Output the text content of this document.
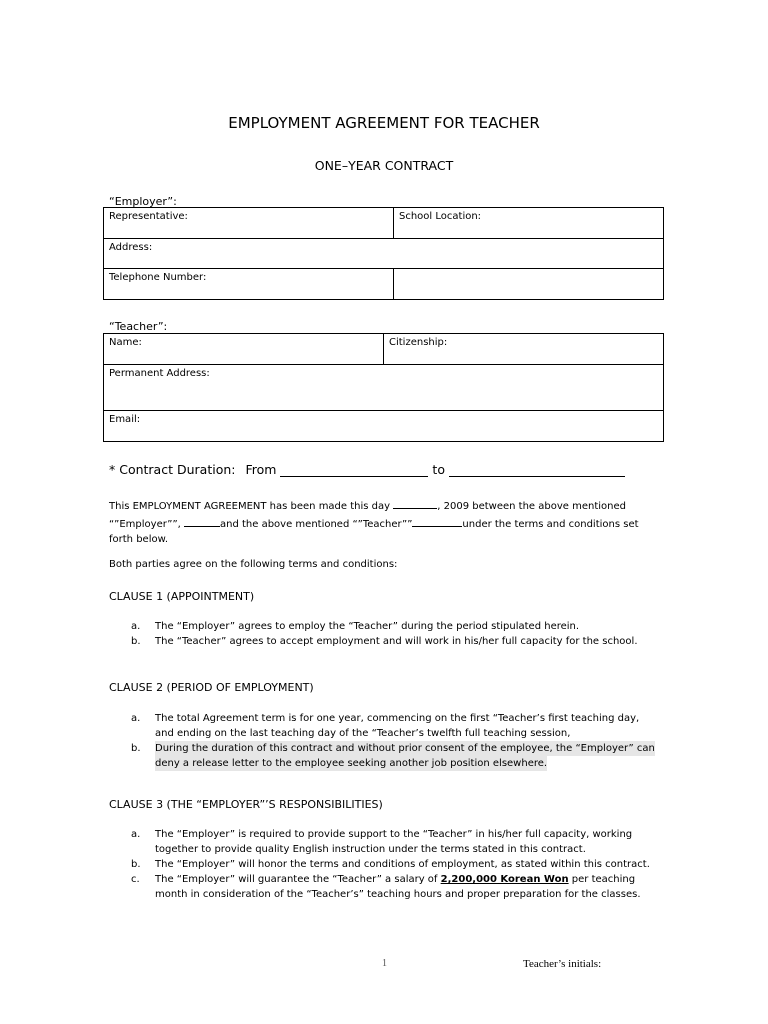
EMPLOYMENT AGREEMENT FOR TEACHER
ONE–YEAR CONTRACT
“Employer”:
Representative:	School Location:
Address:	
Telephone Number:	
“Teacher”:
Name:	Citizenship:
Permanent Address:
Email:
* Contract Duration: From	to
This EMPLOYMENT AGREEMENT has been made this day	, 2009 between the above mentioned
“”Employer””,	and the above mentioned “”Teacher””	under the terms and conditions set
forth below.
Both parties agree on the following terms and conditions:
CLAUSE 1 (APPOINTMENT)
a.	The “Employer” agrees to employ the “Teacher” during the period stipulated herein.
b.	The “Teacher” agrees to accept employment and will work in his/her full capacity for the school.
CLAUSE 2 (PERIOD OF EMPLOYMENT)
a.	The total Agreement term is for one year, commencing on the first “Teacher’s first teaching day,
and ending on the last teaching day of the “Teacher’s twelfth full teaching session,
b.	During the duration of this contract and without prior consent of the employee, the “Employer” can
deny a release letter to the employee seeking another job position elsewhere.
CLAUSE 3 (THE “EMPLOYER”’S RESPONSIBILITIES)
a.	The “Employer” is required to provide support to the “Teacher” in his/her full capacity, working
together to provide quality English instruction under the terms stated in this contract.
b.	The “Employer” will honor the terms and conditions of employment, as stated within this contract.
c.	The “Employer” will guarantee the “Teacher” a salary of 2,200,000 Korean Won per teaching
month in consideration of the “Teacher’s” teaching hours and proper preparation for the classes.
1	Teacher’s initials:
